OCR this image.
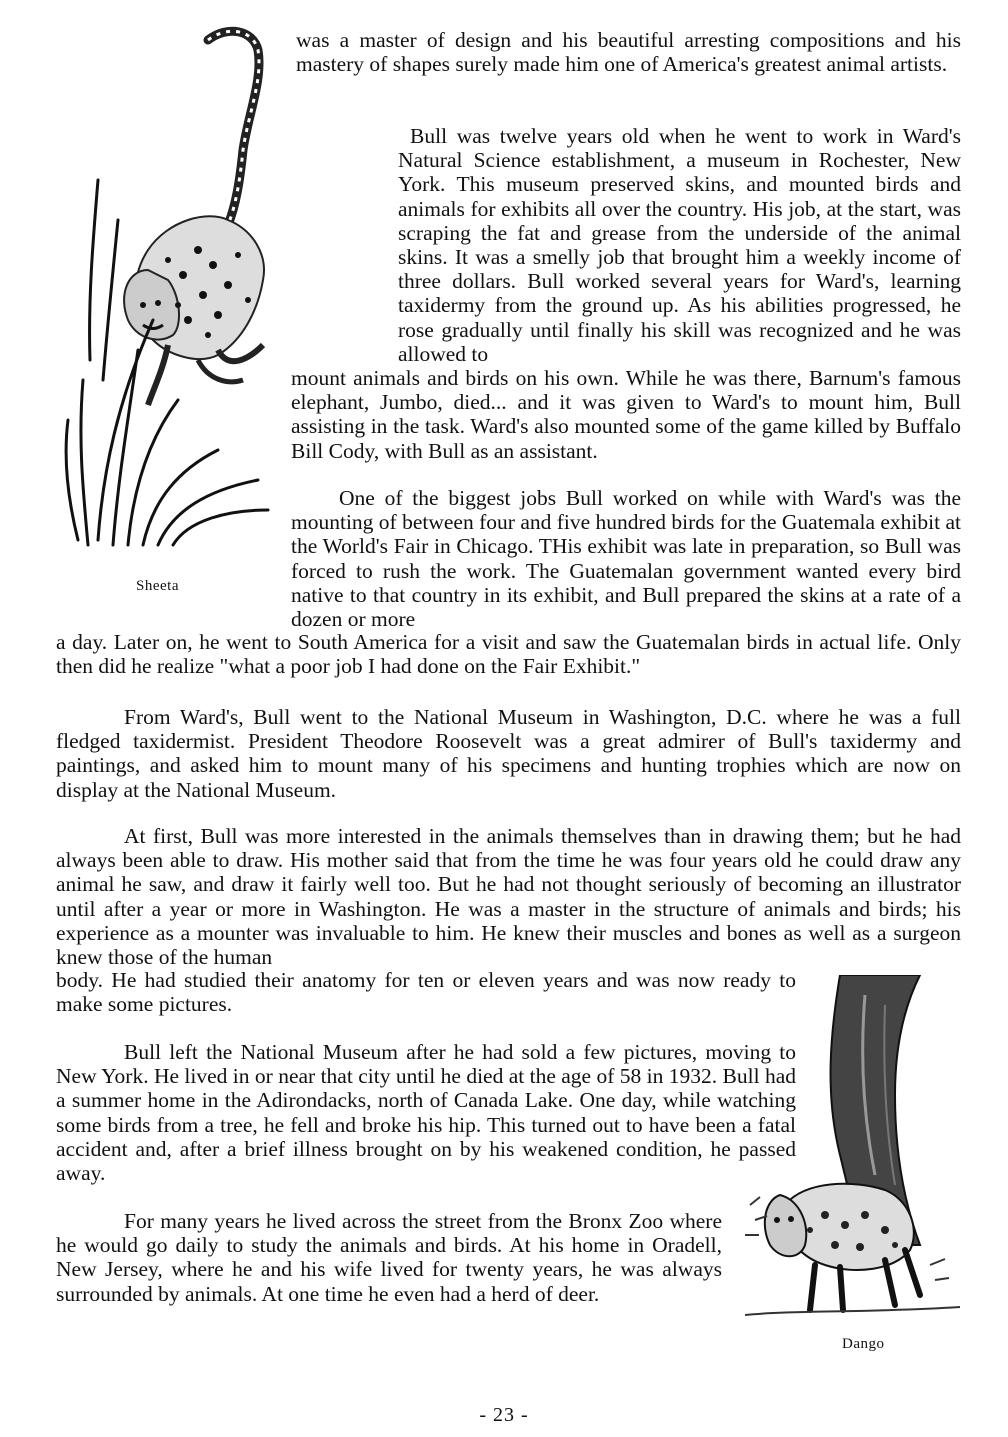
Sheeta
Dango

was a master of design and his beautiful arresting compositions and his mastery of shapes surely made him one of America's greatest animal artists.

Bull was twelve years old when he went to work in Ward's Natural Science establishment, a museum in Rochester, New York. This museum preserved skins, and mounted birds and animals for exhibits all over the country. His job, at the start, was scraping the fat and grease from the underside of the animal skins. It was a smelly job that brought him a weekly income of three dollars. Bull worked several years for Ward's, learning taxidermy from the ground up. As his abilities progressed, he rose gradually until finally his skill was recognized and he was allowed to

mount animals and birds on his own. While he was there, Barnum's famous elephant, Jumbo, died... and it was given to Ward's to mount him, Bull assisting in the task. Ward's also mounted some of the game killed by Buffalo Bill Cody, with Bull as an assistant.

One of the biggest jobs Bull worked on while with Ward's was the mounting of between four and five hundred birds for the Guatemala exhibit at the World's Fair in Chicago. THis exhibit was late in preparation, so Bull was forced to rush the work. The Guatemalan government wanted every bird native to that country in its exhibit, and Bull prepared the skins at a rate of a dozen or more

a day. Later on, he went to South America for a visit and saw the Guatemalan birds in actual life. Only then did he realize "what a poor job I had done on the Fair Exhibit."

From Ward's, Bull went to the National Museum in Washington, D.C. where he was a full fledged taxidermist. President Theodore Roosevelt was a great admirer of Bull's taxidermy and paintings, and asked him to mount many of his specimens and hunting trophies which are now on display at the National Museum.

At first, Bull was more interested in the animals themselves than in drawing them; but he had always been able to draw. His mother said that from the time he was four years old he could draw any animal he saw, and draw it fairly well too. But he had not thought seriously of becoming an illustrator until after a year or more in Washington. He was a master in the structure of animals and birds; his experience as a mounter was invaluable to him. He knew their muscles and bones as well as a surgeon knew those of the human

body. He had studied their anatomy for ten or eleven years and was now ready to make some pictures.

Bull left the National Museum after he had sold a few pictures, moving to New York. He lived in or near that city until he died at the age of 58 in 1932. Bull had a summer home in the Adirondacks, north of Canada Lake. One day, while watching some birds from a tree, he fell and broke his hip. This turned out to have been a fatal accident and, after a brief illness brought on by his weakened condition, he passed away.

For many years he lived across the street from the Bronx Zoo where he would go daily to study the animals and birds. At his home in Oradell, New Jersey, where he and his wife lived for twenty years, he was always surrounded by animals. At one time he even had a herd of deer.

- 23 -
